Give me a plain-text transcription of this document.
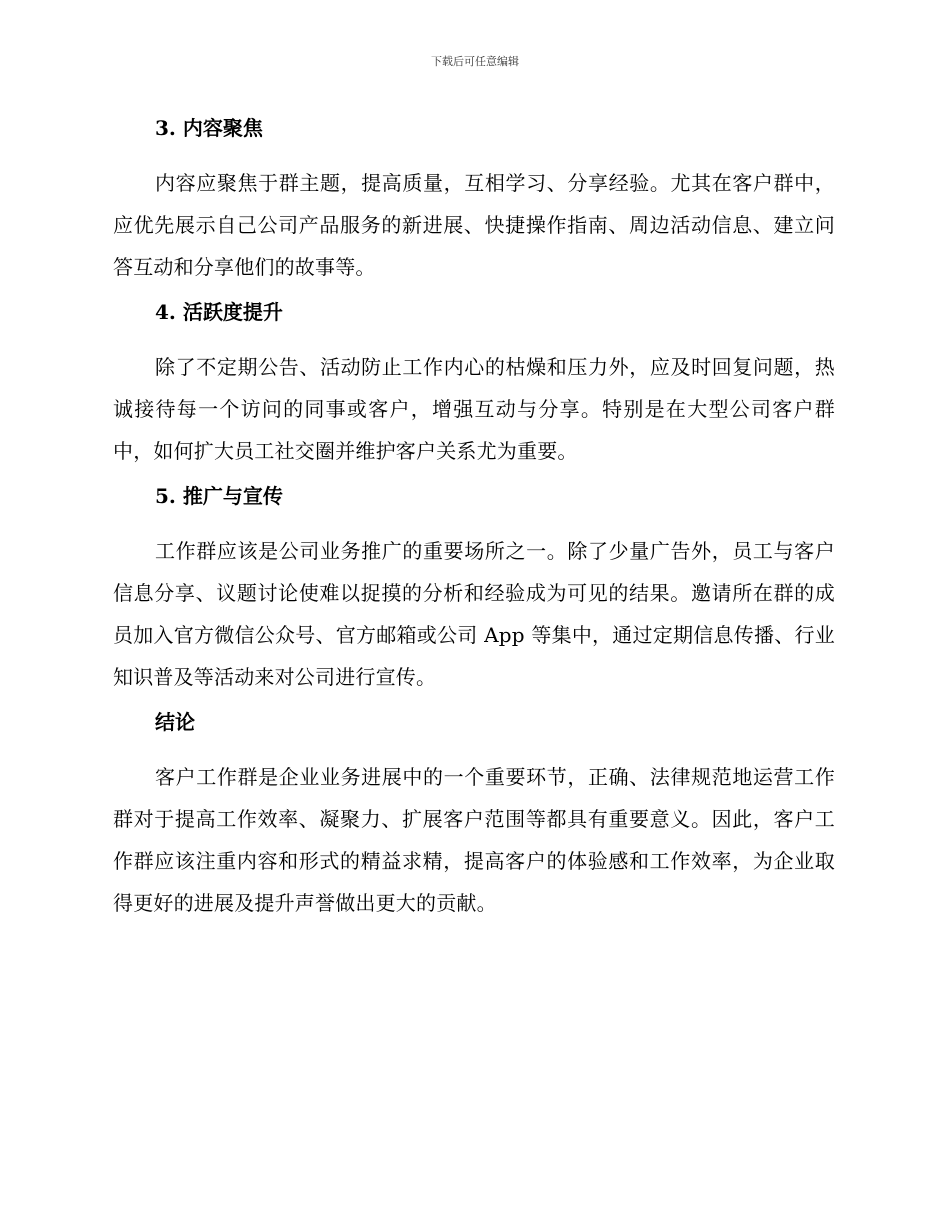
下载后可任意编辑
3. 内容聚焦

内容应聚焦于群主题，提高质量，互相学习、分享经验。尤其在客户群中，应优先展示自己公司产品服务的新进展、快捷操作指南、周边活动信息、建立问答互动和分享他们的故事等。

4. 活跃度提升

除了不定期公告、活动防止工作内心的枯燥和压力外，应及时回复问题，热诚接待每一个访问的同事或客户，增强互动与分享。特别是在大型公司客户群中，如何扩大员工社交圈并维护客户关系尤为重要。

5. 推广与宣传

工作群应该是公司业务推广的重要场所之一。除了少量广告外，员工与客户信息分享、议题讨论使难以捉摸的分析和经验成为可见的结果。邀请所在群的成员加入官方微信公众号、官方邮箱或公司 App 等集中，通过定期信息传播、行业知识普及等活动来对公司进行宣传。

结论

客户工作群是企业业务进展中的一个重要环节，正确、法律规范地运营工作群对于提高工作效率、凝聚力、扩展客户范围等都具有重要意义。因此，客户工作群应该注重内容和形式的精益求精，提高客户的体验感和工作效率，为企业取得更好的进展及提升声誉做出更大的贡献。
